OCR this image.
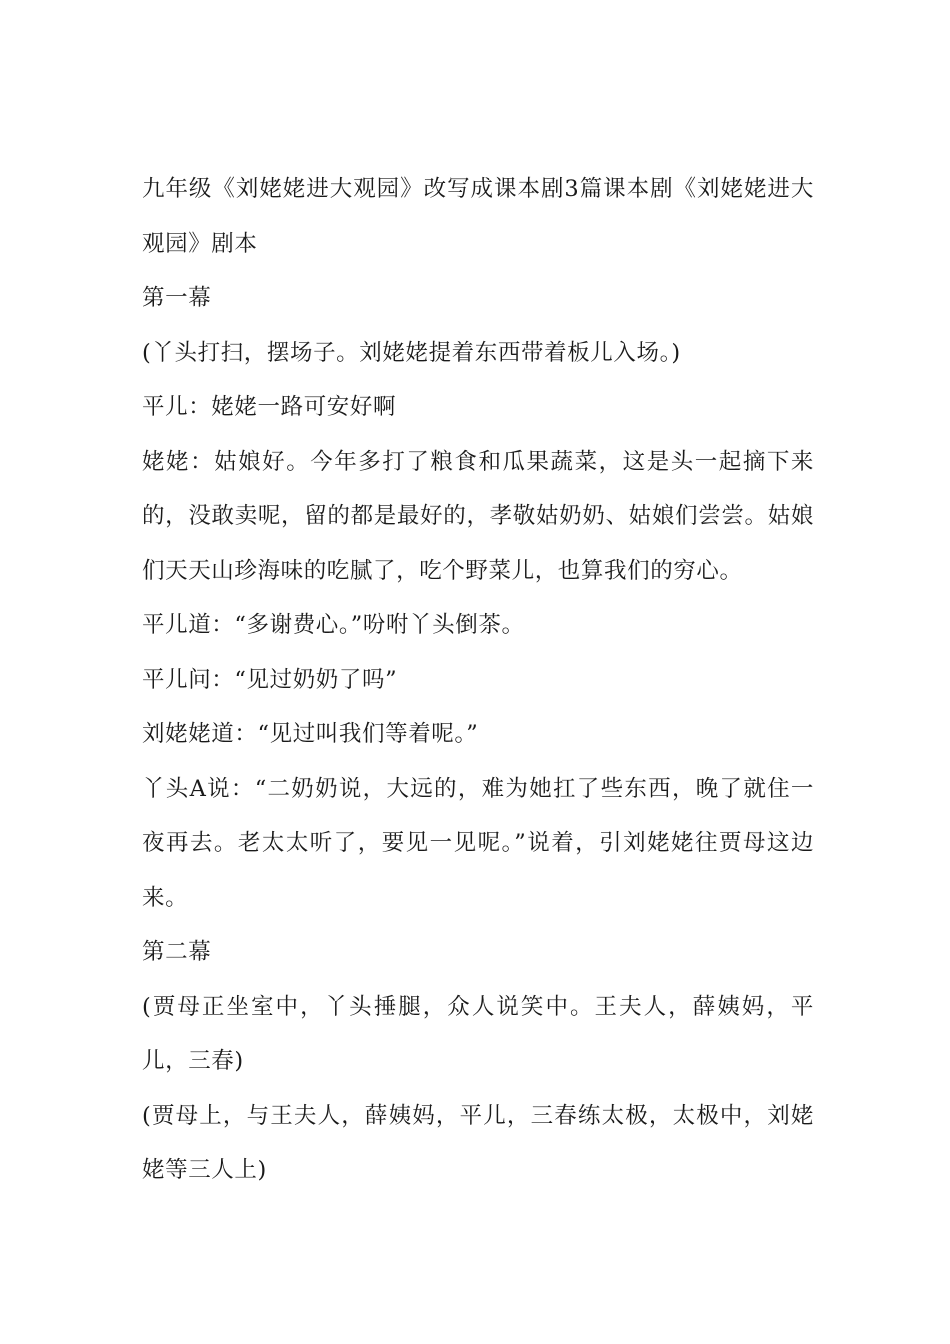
九年级《刘姥姥进大观园》改写成课本剧3篇课本剧《刘姥姥进大观园》剧本

第一幕

(丫头打扫，摆场子。刘姥姥提着东西带着板儿入场。)

平儿：姥姥一路可安好啊

姥姥：姑娘好。今年多打了粮食和瓜果蔬菜，这是头一起摘下来的，没敢卖呢，留的都是最好的，孝敬姑奶奶、姑娘们尝尝。姑娘们天天山珍海味的吃腻了，吃个野菜儿，也算我们的穷心。

平儿道：“多谢费心。”吩咐丫头倒茶。

平儿问：“见过奶奶了吗”

刘姥姥道：“见过叫我们等着呢。”

丫头A说：“二奶奶说，大远的，难为她扛了些东西，晚了就住一夜再去。老太太听了，要见一见呢。”说着，引刘姥姥往贾母这边来。

第二幕

(贾母正坐室中，丫头捶腿，众人说笑中。王夫人，薛姨妈，平儿，三春)

(贾母上，与王夫人，薛姨妈，平儿，三春练太极，太极中，刘姥姥等三人上)
